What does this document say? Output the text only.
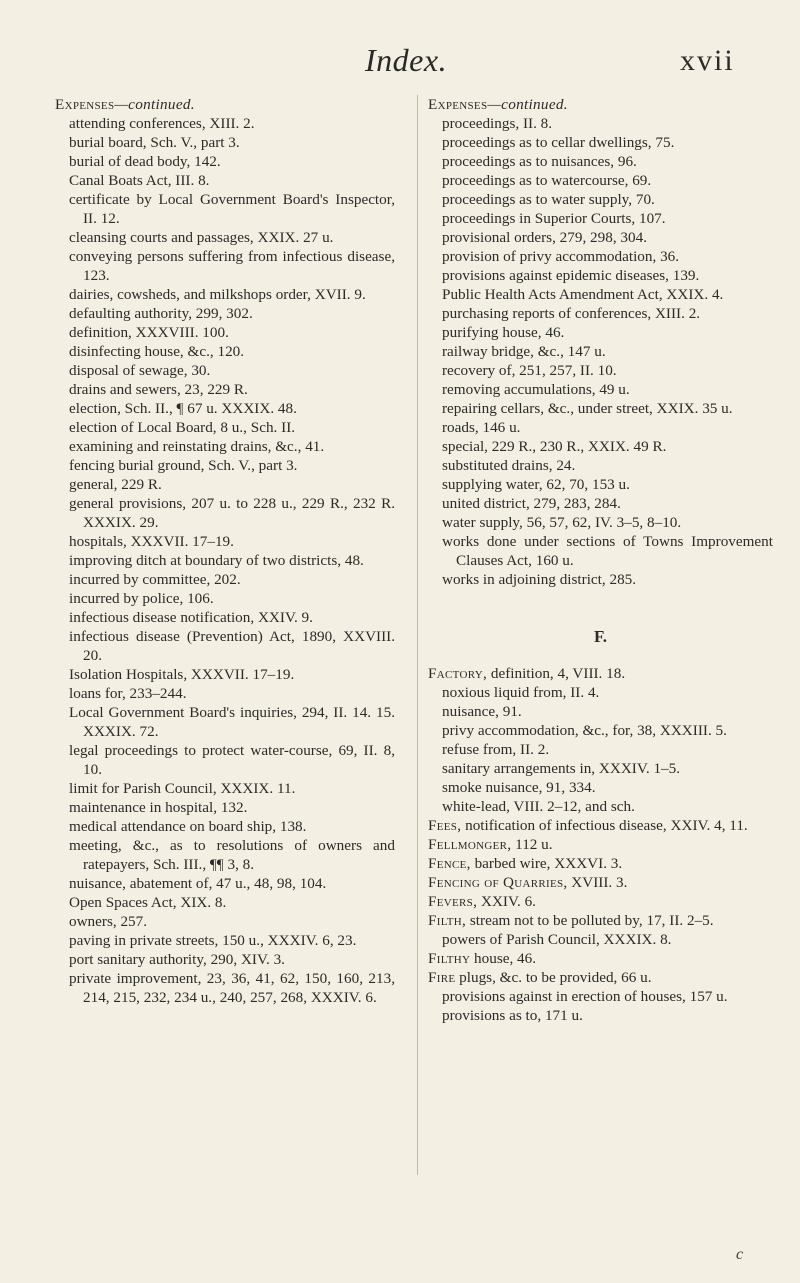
Index.	xvii

Expenses—continued.

attending conferences, XIII. 2.

burial board, Sch. V., part 3.

burial of dead body, 142.

Canal Boats Act, III. 8.

certificate by Local Government Board's Inspector, II. 12.

cleansing courts and passages, XXIX. 27 u.

conveying persons suffering from infectious disease, 123.

dairies, cowsheds, and milkshops order, XVII. 9.

defaulting authority, 299, 302.

definition, XXXVIII. 100.

disinfecting house, &c., 120.

disposal of sewage, 30.

drains and sewers, 23, 229 R.

election, Sch. II., ¶ 67 u. XXXIX. 48.

election of Local Board, 8 u., Sch. II.

examining and reinstating drains, &c., 41.

fencing burial ground, Sch. V., part 3.

general, 229 R.

general provisions, 207 u. to 228 u., 229 R., 232 R. XXXIX. 29.

hospitals, XXXVII. 17–19.

improving ditch at boundary of two districts, 48.

incurred by committee, 202.

incurred by police, 106.

infectious disease notification, XXIV. 9.

infectious disease (Prevention) Act, 1890, XXVIII. 20.

Isolation Hospitals, XXXVII. 17–19.

loans for, 233–244.

Local Government Board's inquiries, 294, II. 14. 15. XXXIX. 72.

legal proceedings to protect water-course, 69, II. 8, 10.

limit for Parish Council, XXXIX. 11.

maintenance in hospital, 132.

medical attendance on board ship, 138.

meeting, &c., as to resolutions of owners and ratepayers, Sch. III., ¶¶ 3, 8.

nuisance, abatement of, 47 u., 48, 98, 104.

Open Spaces Act, XIX. 8.

owners, 257.

paving in private streets, 150 u., XXXIV. 6, 23.

port sanitary authority, 290, XIV. 3.

private improvement, 23, 36, 41, 62, 150, 160, 213, 214, 215, 232, 234 u., 240, 257, 268, XXXIV. 6.

Expenses—continued.

proceedings, II. 8.

proceedings as to cellar dwellings, 75.

proceedings as to nuisances, 96.

proceedings as to watercourse, 69.

proceedings as to water supply, 70.

proceedings in Superior Courts, 107.

provisional orders, 279, 298, 304.

provision of privy accommodation, 36.

provisions against epidemic diseases, 139.

Public Health Acts Amendment Act, XXIX. 4.

purchasing reports of conferences, XIII. 2.

purifying house, 46.

railway bridge, &c., 147 u.

recovery of, 251, 257, II. 10.

removing accumulations, 49 u.

repairing cellars, &c., under street, XXIX. 35 u.

roads, 146 u.

special, 229 R., 230 R., XXIX. 49 R.

substituted drains, 24.

supplying water, 62, 70, 153 u.

united district, 279, 283, 284.

water supply, 56, 57, 62, IV. 3–5, 8–10.

works done under sections of Towns Improvement Clauses Act, 160 u.

works in adjoining district, 285.

F.

Factory, definition, 4, VIII. 18.

noxious liquid from, II. 4.

nuisance, 91.

privy accommodation, &c., for, 38, XXXIII. 5.

refuse from, II. 2.

sanitary arrangements in, XXXIV. 1–5.

smoke nuisance, 91, 334.

white-lead, VIII. 2–12, and sch.

Fees, notification of infectious disease, XXIV. 4, 11.

Fellmonger, 112 u.

Fence, barbed wire, XXXVI. 3.

Fencing of Quarries, XVIII. 3.

Fevers, XXIV. 6.

Filth, stream not to be polluted by, 17, II. 2–5.

powers of Parish Council, XXXIX. 8.

Filthy house, 46.

Fire plugs, &c. to be provided, 66 u.

provisions against in erection of houses, 157 u.

provisions as to, 171 u.

c
